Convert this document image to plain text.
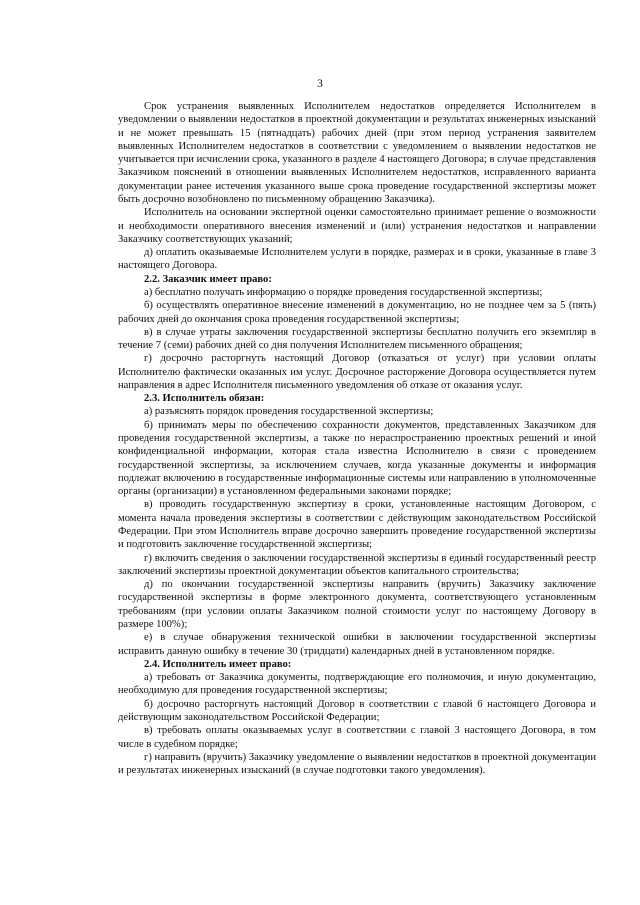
3

Срок устранения выявленных Исполнителем недостатков определяется Исполнителем в уведомлении о выявлении недостатков в проектной документации и результатах инженерных изысканий и не может превышать 15 (пятнадцать) рабочих дней (при этом период устранения заявителем выявленных Исполнителем недостатков в соответствии с уведомлением о выявлении недостатков не учитывается при исчислении срока, указанного в разделе 4 настоящего Договора; в случае представления Заказчиком пояснений в отношении выявленных Исполнителем недостатков, исправленного варианта документации ранее истечения указанного выше срока проведение государственной экспертизы может быть досрочно возобновлено по письменному обращению Заказчика).

Исполнитель на основании экспертной оценки самостоятельно принимает решение о возможности и необходимости оперативного внесения изменений и (или) устранения недостатков и направлении Заказчику соответствующих указаний;

д) оплатить оказываемые Исполнителем услуги в порядке, размерах и в сроки, указанные в главе 3 настоящего Договора.

2.2. Заказчик имеет право:

а) бесплатно получать информацию о порядке проведения государственной экспертизы;

б) осуществлять оперативное внесение изменений в документацию, но не позднее чем за 5 (пять) рабочих дней до окончания срока проведения государственной экспертизы;

в) в случае утраты заключения государственной экспертизы бесплатно получить его экземпляр в течение 7 (семи) рабочих дней со дня получения Исполнителем письменного обращения;

г) досрочно расторгнуть настоящий Договор (отказаться от услуг) при условии оплаты Исполнителю фактически оказанных им услуг. Досрочное расторжение Договора осуществляется путем направления в адрес Исполнителя письменного уведомления об отказе от оказания услуг.

2.3. Исполнитель обязан:

а) разъяснять порядок проведения государственной экспертизы;

б) принимать меры по обеспечению сохранности документов, представленных Заказчиком для проведения государственной экспертизы, а также по нераспространению проектных решений и иной конфиденциальной информации, которая стала известна Исполнителю в связи с проведением государственной экспертизы, за исключением случаев, когда указанные документы и информация подлежат включению в государственные информационные системы или направлению в уполномоченные органы (организации) в установленном федеральными законами порядке;

в) проводить государственную экспертизу в сроки, установленные настоящим Договором, с момента начала проведения экспертизы в соответствии с действующим законодательством Российской Федерации. При этом Исполнитель вправе досрочно завершить проведение государственной экспертизы и подготовить заключение государственной экспертизы;

г) включить сведения о заключении государственной экспертизы в единый государственный реестр заключений экспертизы проектной документации объектов капитального строительства;

д) по окончании государственной экспертизы направить (вручить) Заказчику заключение государственной экспертизы в форме электронного документа, соответствующего установленным требованиям (при условии оплаты Заказчиком полной стоимости услуг по настоящему Договору в размере 100%);

е) в случае обнаружения технической ошибки в заключении государственной экспертизы исправить данную ошибку в течение 30 (тридцати) календарных дней в установленном порядке.

2.4. Исполнитель имеет право:

а) требовать от Заказчика документы, подтверждающие его полномочия, и иную документацию, необходимую для проведения государственной экспертизы;

б) досрочно расторгнуть настоящий Договор в соответствии с главой 6 настоящего Договора и действующим законодательством Российской Федерации;

в) требовать оплаты оказываемых услуг в соответствии с главой 3 настоящего Договора, в том числе в судебном порядке;

г) направить (вручить) Заказчику уведомление о выявлении недостатков в проектной документации и результатах инженерных изысканий (в случае подготовки такого уведомления).
